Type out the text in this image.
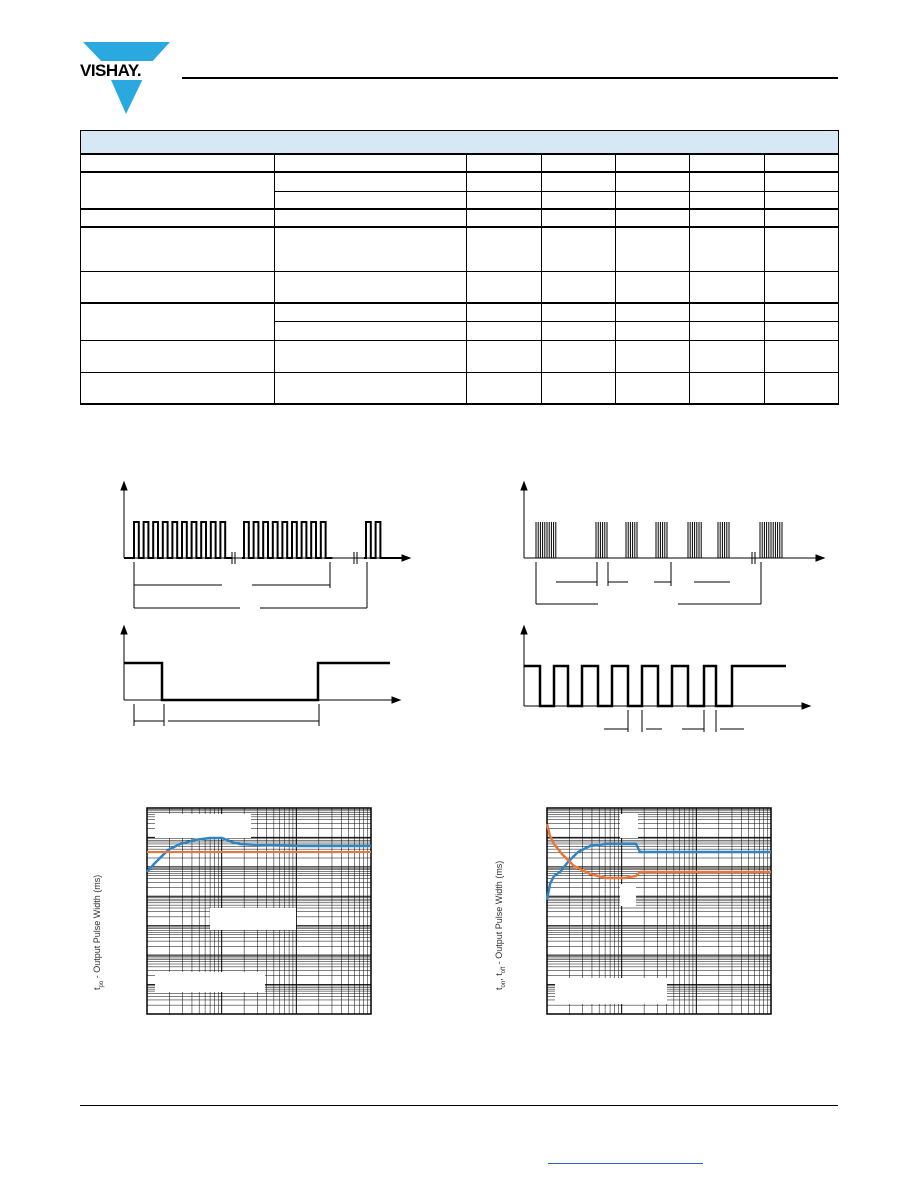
VISHAY.

$t_{po}$ - Output Pulse Width (ms)
$t_{on}$, $t_{off}$ - Output Pulse Width (ms)
